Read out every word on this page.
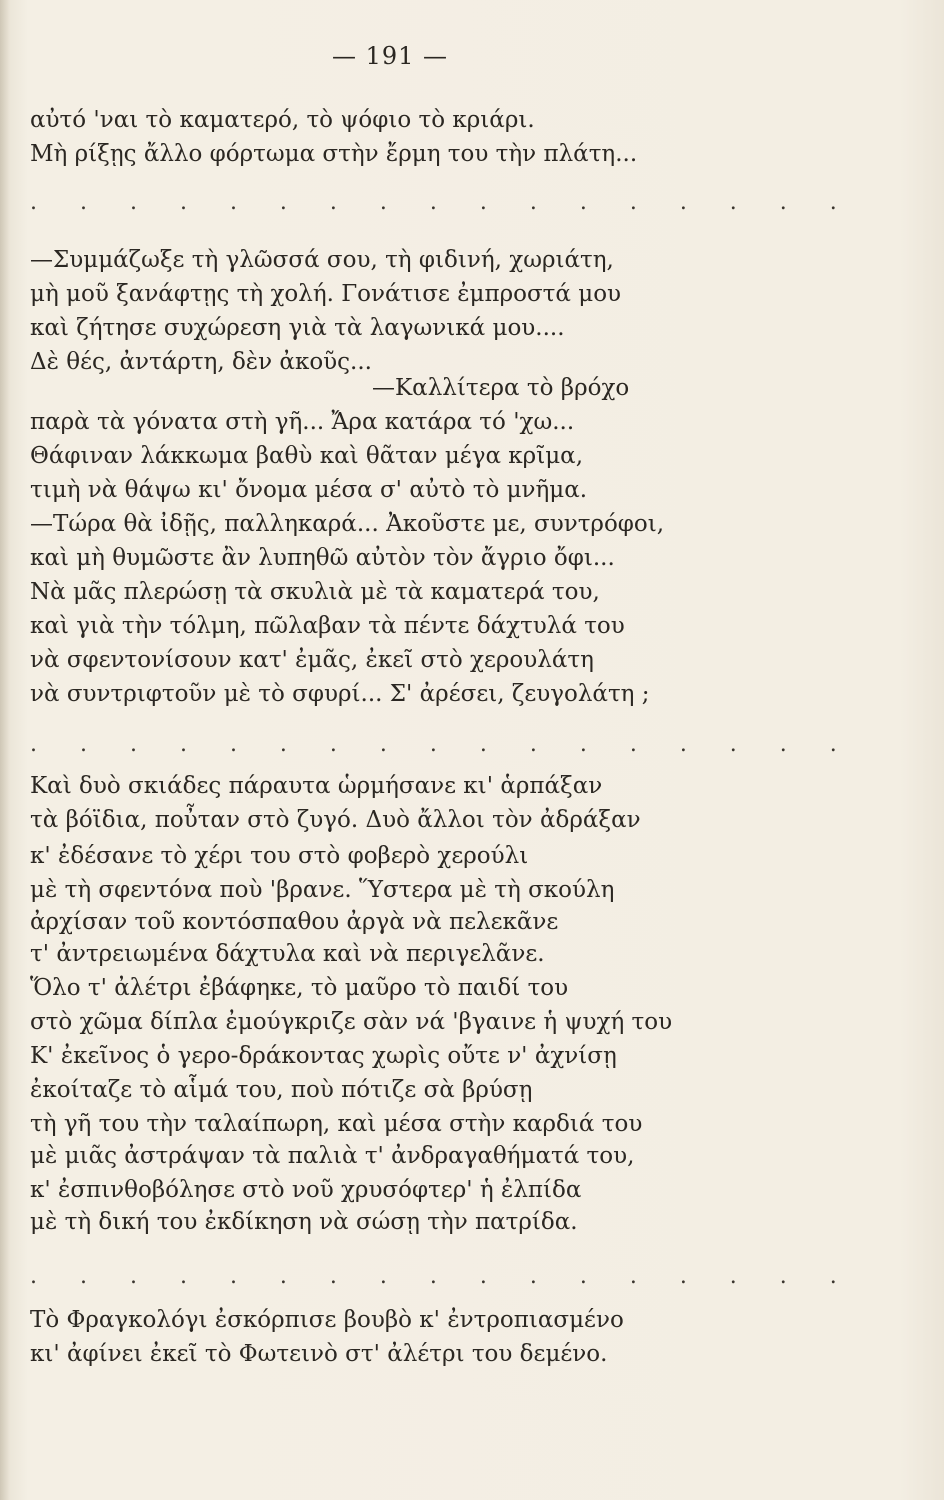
— 191 —
αὐτό 'ναι τὸ καματερό, τὸ ψόφιο τὸ κριάρι.
Μὴ ρίξῃς ἄλλο φόρτωμα στὴν ἔρμη του τὴν πλάτη...
. . . . . . . . . . . . . . . . .
—Συμμάζωξε τὴ γλῶσσά σου, τὴ φιδινή, χωριάτη,
μὴ μοῦ ξανάφτῃς τὴ χολή. Γονάτισε ἐμπροστά μου
καὶ ζήτησε συχώρεση γιὰ τὰ λαγωνικά μου....
Δὲ θές, ἀντάρτη, δὲν ἀκοῦς...
—Καλλίτερα τὸ βρόχο
παρὰ τὰ γόνατα στὴ γῆ... Ἄρα κατάρα τό 'χω...
Θάφιναν λάκκωμα βαθὺ καὶ θᾶταν μέγα κρῖμα,
τιμὴ νὰ θάψω κι' ὄνομα μέσα σ' αὐτὸ τὸ μνῆμα.
—Τώρα θὰ ἰδῇς, παλληκαρά... Ἀκοῦστε με, συντρόφοι,
καὶ μὴ θυμῶστε ἂν λυπηθῶ αὐτὸν τὸν ἄγριο ὄφι...
Νὰ μᾶς πλερώσῃ τὰ σκυλιὰ μὲ τὰ καματερά του,
καὶ γιὰ τὴν τόλμη, πῶλαβαν τὰ πέντε δάχτυλά του
νὰ σφεντονίσουν κατ' ἐμᾶς, ἐκεῖ στὸ χερουλάτη
νὰ συντριφτοῦν μὲ τὸ σφυρί... Σ' ἀρέσει, ζευγολάτη ;
. . . . . . . . . . . . . . . . .
Καὶ δυὸ σκιάδες πάραυτα ὡρμήσανε κι' ἁρπάξαν
τὰ βόϊδια, ποὖταν στὸ ζυγό. Δυὸ ἄλλοι τὸν ἀδράξαν
κ' ἐδέσανε τὸ χέρι του στὸ φοβερὸ χερούλι
μὲ τὴ σφεντόνα ποὺ 'βρανε. Ὕστερα μὲ τὴ σκούλη
ἀρχίσαν τοῦ κοντόσπαθου ἀργὰ νὰ πελεκᾶνε
τ' ἀντρειωμένα δάχτυλα καὶ νὰ περιγελᾶνε.
Ὅλο τ' ἀλέτρι ἐβάφηκε, τὸ μαῦρο τὸ παιδί του
στὸ χῶμα δίπλα ἐμούγκριζε σὰν νά 'βγαινε ἡ ψυχή του
Κ' ἐκεῖνος ὁ γερο-δράκοντας χωρὶς οὔτε ν' ἀχνίσῃ
ἐκοίταζε τὸ αἷμά του, ποὺ πότιζε σὰ βρύσῃ
τὴ γῆ του τὴν ταλαίπωρη, καὶ μέσα στὴν καρδιά του
μὲ μιᾶς ἀστράψαν τὰ παλιὰ τ' ἀνδραγαθήματά του,
κ' ἐσπινθοβόλησε στὸ νοῦ χρυσόφτερ' ἡ ἐλπίδα
μὲ τὴ δική του ἐκδίκηση νὰ σώσῃ τὴν πατρίδα.
. . . . . . . . . . . . . . . . .
Τὸ Φραγκολόγι ἐσκόρπισε βουβὸ κ' ἐντροπιασμένο
κι' ἀφίνει ἐκεῖ τὸ Φωτεινὸ στ' ἀλέτρι του δεμένο.
